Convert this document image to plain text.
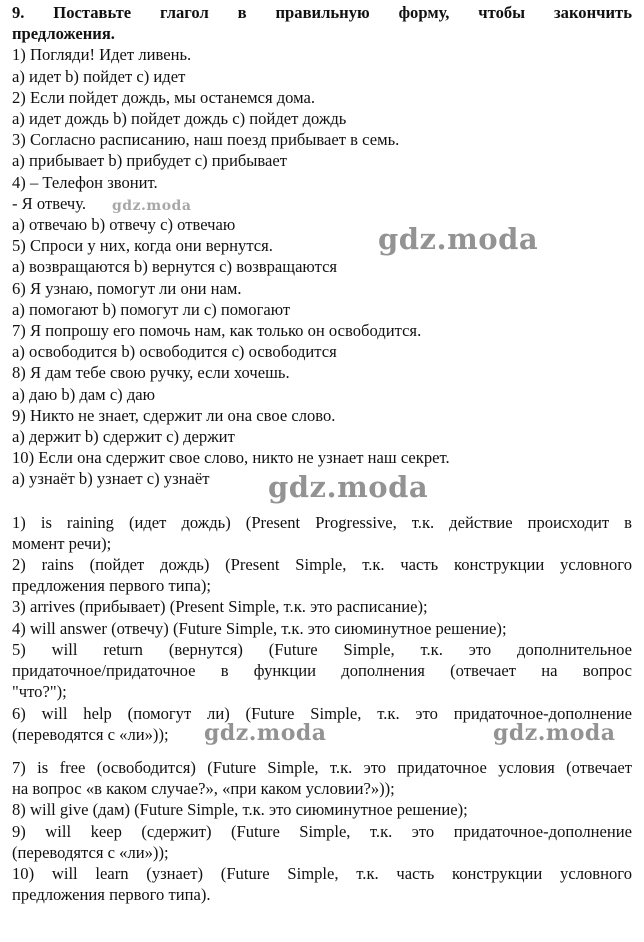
9. Поставьте глагол в правильную форму, чтобы закончить
предложения.
1) Погляди! Идет ливень.
a) идет b) пойдет c) идет
2) Если пойдет дождь, мы останемся дома.
a) идет дождь b) пойдет дождь c) пойдет дождь
3) Согласно расписанию, наш поезд прибывает в семь.
a) прибывает b) прибудет c) прибывает
4) – Телефон звонит.
- Я отвечу.
a) отвечаю b) отвечу c) отвечаю
5) Спроси у них, когда они вернутся.
a) возвращаются b) вернутся c) возвращаются
6) Я узнаю, помогут ли они нам.
a) помогают b) помогут ли c) помогают
7) Я попрошу его помочь нам, как только он освободится.
a) освободится b) освободится c) освободится
8) Я дам тебе свою ручку, если хочешь.
a) даю b) дам c) даю
9) Никто не знает, сдержит ли она свое слово.
a) держит b) сдержит c) держит
10) Если она сдержит свое слово, никто не узнает наш секрет.
a) узнаёт b) узнает c) узнаёт
1) is raining (идет дождь) (Present Progressive, т.к. действие происходит в
момент речи);
2) rains (пойдет дождь) (Present Simple, т.к. часть конструкции условного
предложения первого типа);
3) arrives (прибывает) (Present Simple, т.к. это расписание);
4) will answer (отвечу) (Future Simple, т.к. это сиюминутное решение);
5) will return (вернутся) (Future Simple, т.к. это дополнительное
придаточное/придаточное в функции дополнения (отвечает на вопрос
"что?");
6) will help (помогут ли) (Future Simple, т.к. это придаточное-дополнение
(переводятся с «ли»));
7) is free (освободится) (Future Simple, т.к. это придаточное условия (отвечает
на вопрос «в каком случае?», «при каком условии?»));
8) will give (дам) (Future Simple, т.к. это сиюминутное решение);
9) will keep (сдержит) (Future Simple, т.к. это придаточное-дополнение
(переводятся с «ли»));
10) will learn (узнает) (Future Simple, т.к. часть конструкции условного
предложения первого типа).
gdz.moda
gdz.moda
gdz.moda
gdz.moda	gdz.moda
